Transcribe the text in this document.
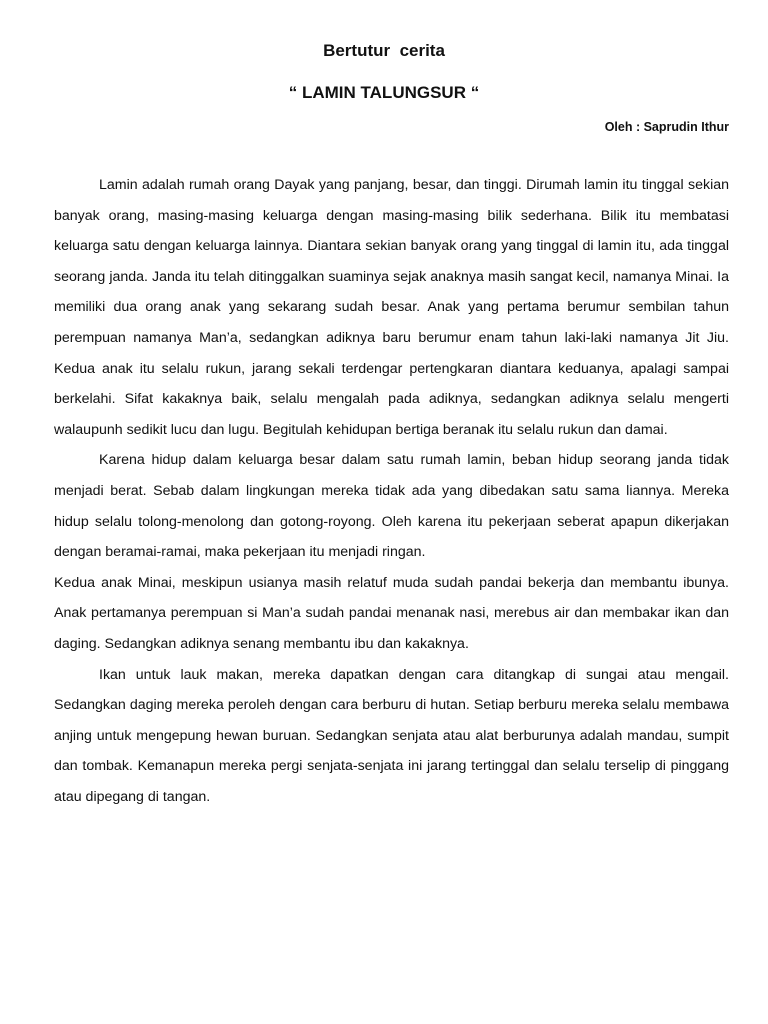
Bertutur  cerita
“ LAMIN TALUNGSUR “
Oleh : Saprudin Ithur

Lamin adalah rumah orang Dayak yang panjang, besar, dan tinggi. Dirumah lamin itu tinggal sekian banyak orang, masing-masing keluarga dengan masing-masing bilik sederhana. Bilik itu membatasi keluarga satu dengan keluarga lainnya. Diantara sekian banyak orang yang tinggal di lamin itu, ada tinggal seorang janda. Janda itu telah ditinggalkan suaminya sejak anaknya masih sangat kecil, namanya Minai. Ia memiliki dua orang anak yang sekarang sudah besar. Anak yang pertama berumur sembilan tahun perempuan namanya Man’a, sedangkan adiknya baru berumur enam tahun laki-laki namanya Jit Jiu. Kedua anak itu selalu rukun, jarang sekali terdengar pertengkaran diantara keduanya, apalagi sampai berkelahi. Sifat kakaknya baik, selalu mengalah pada adiknya, sedangkan adiknya selalu mengerti walaupunh sedikit lucu dan lugu. Begitulah kehidupan bertiga beranak itu selalu rukun dan damai.

Karena hidup dalam keluarga besar dalam satu rumah lamin, beban hidup seorang janda tidak menjadi berat. Sebab dalam lingkungan mereka tidak ada yang dibedakan satu sama liannya. Mereka hidup selalu tolong-menolong dan gotong-royong. Oleh karena itu pekerjaan seberat apapun dikerjakan dengan beramai-ramai, maka pekerjaan itu menjadi ringan.

Kedua anak Minai, meskipun usianya masih relatuf muda sudah pandai bekerja dan membantu ibunya. Anak pertamanya perempuan si Man’a sudah pandai menanak nasi, merebus air dan membakar ikan dan daging. Sedangkan adiknya senang membantu ibu dan kakaknya.

Ikan untuk lauk makan, mereka dapatkan dengan cara ditangkap di sungai atau mengail. Sedangkan daging mereka peroleh dengan cara berburu di hutan. Setiap berburu mereka selalu membawa anjing untuk mengepung hewan buruan. Sedangkan senjata atau alat berburunya adalah mandau, sumpit dan tombak. Kemanapun mereka pergi senjata-senjata ini jarang tertinggal dan selalu terselip di pinggang atau dipegang di tangan.
